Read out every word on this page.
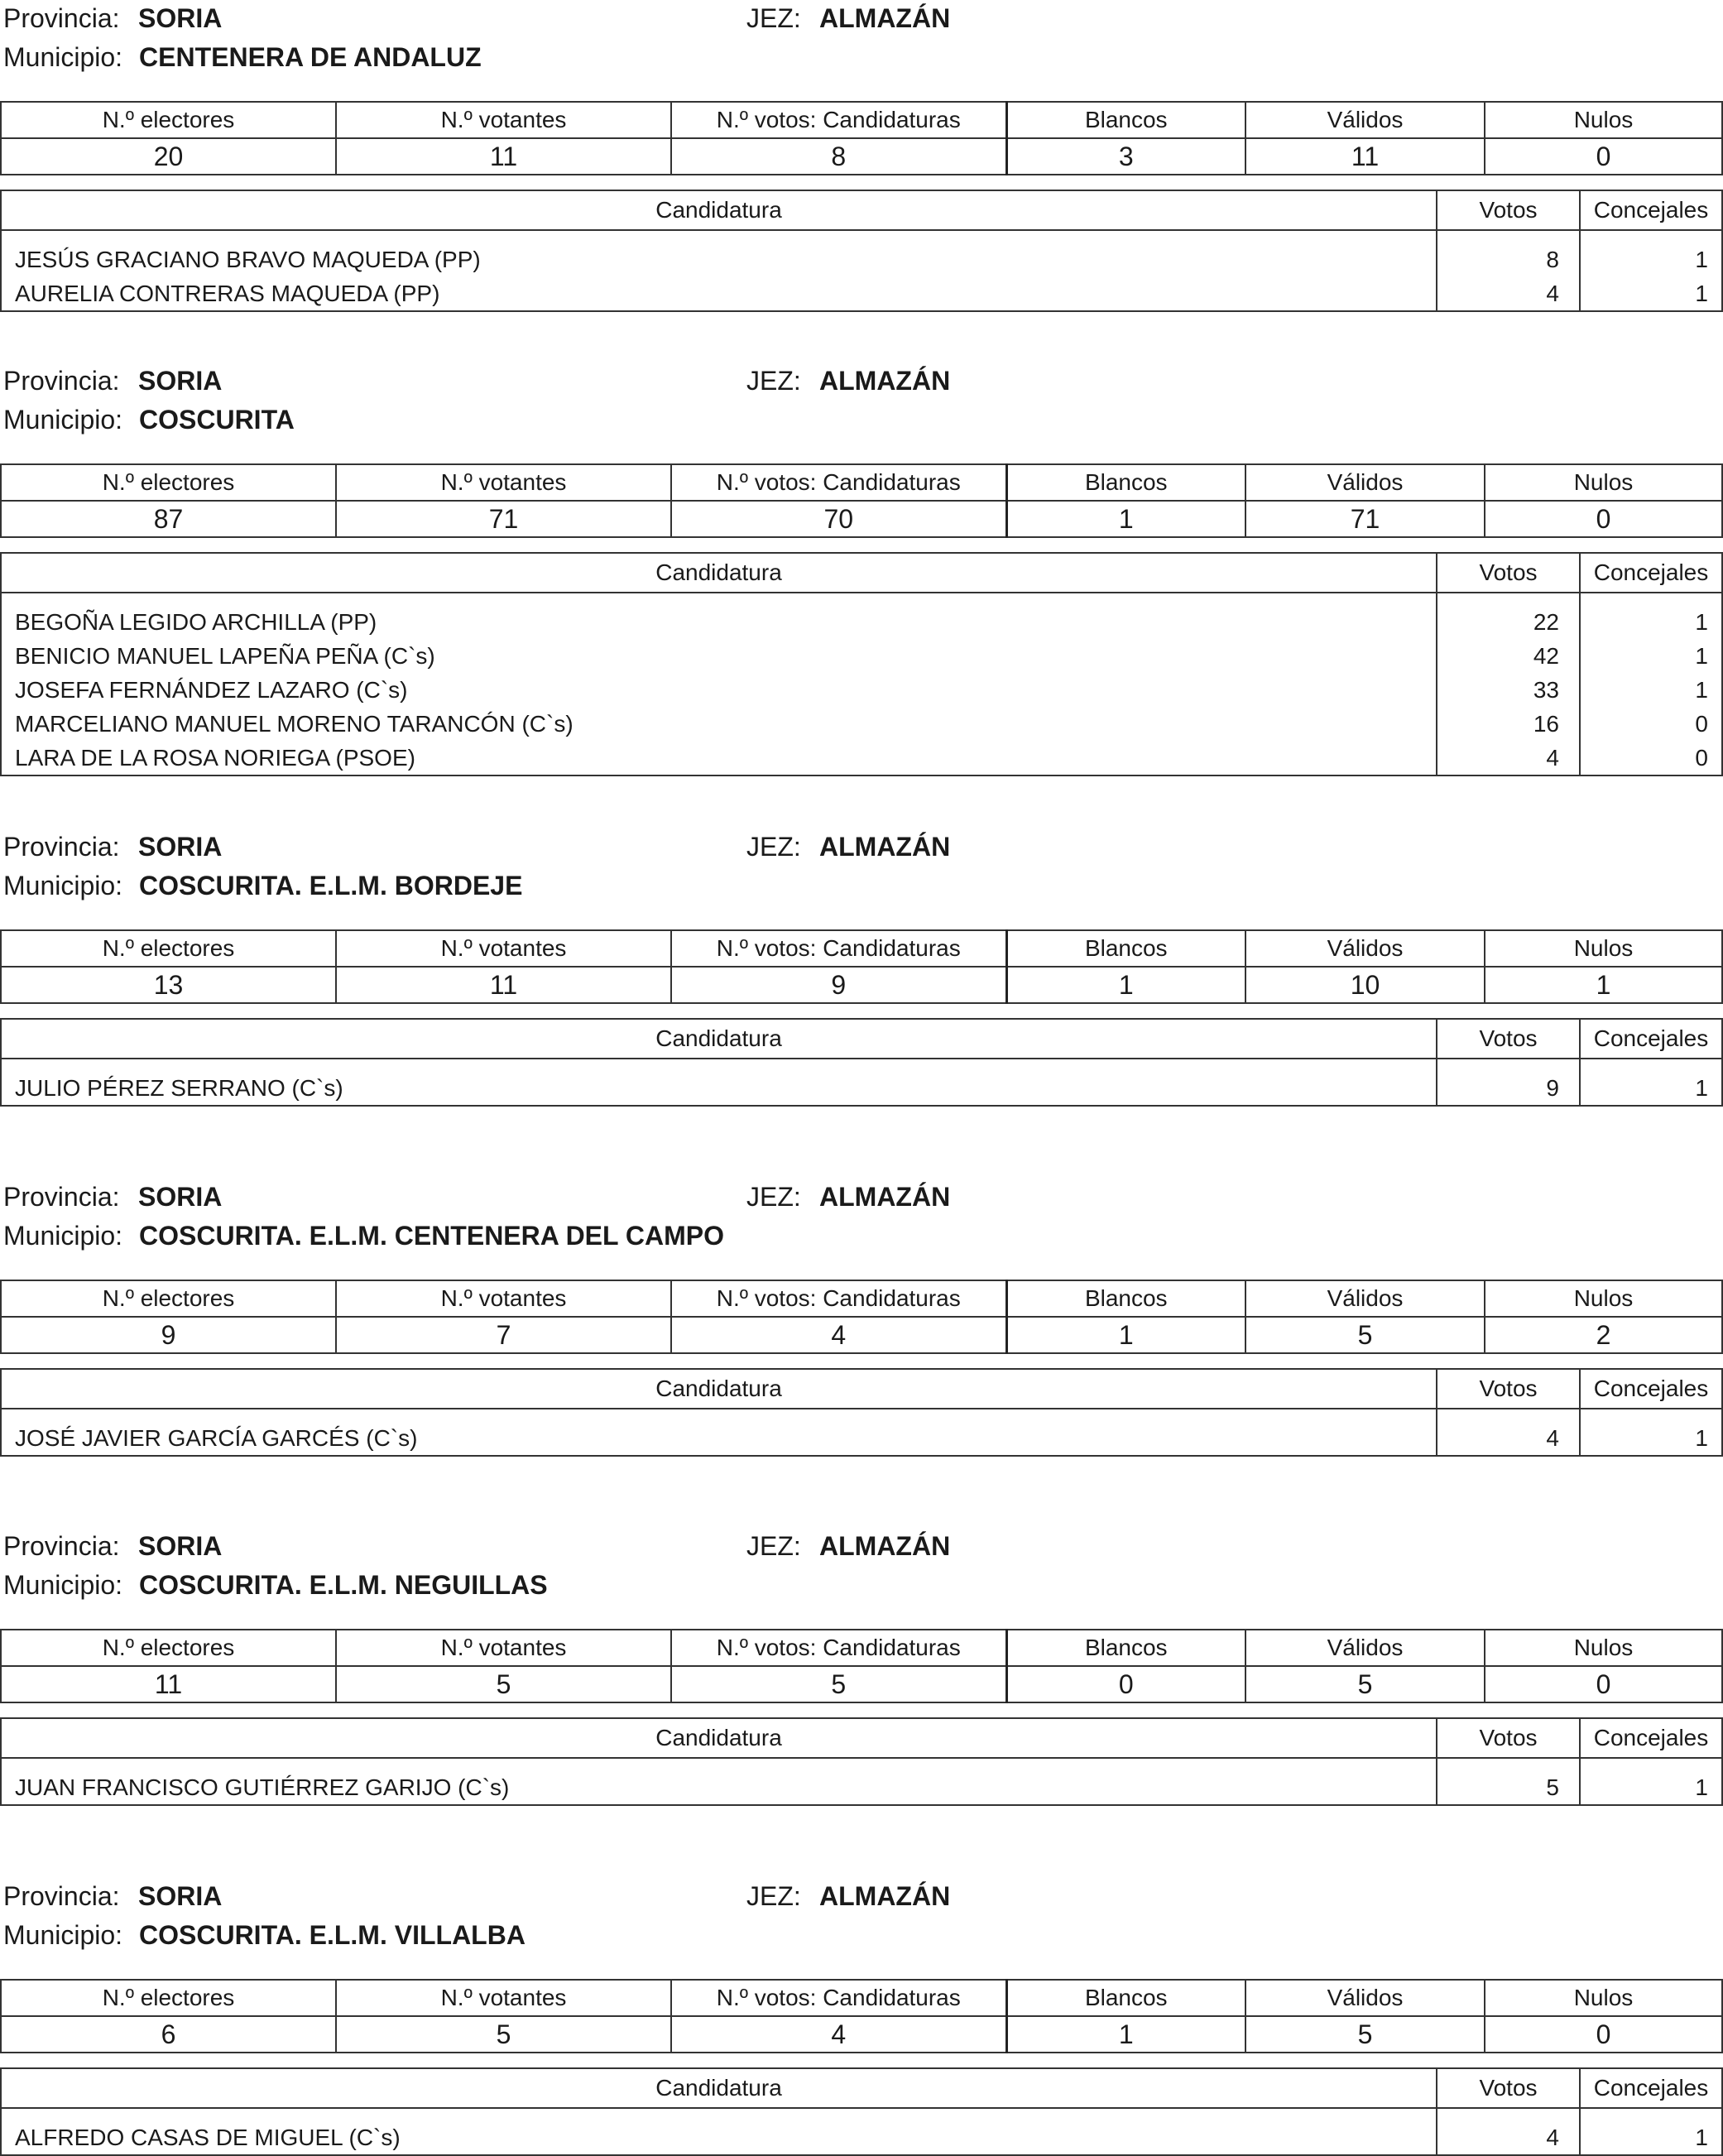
Provincia: SORIA	JEZ: ALMAZÁN
Municipio: CENTENERA DE ANDALUZ
N.º electores	N.º votantes	N.º votos: Candidaturas	Blancos	Válidos	Nulos
20	11	8	3	11	0
Candidatura	Votos	Concejales
JESÚS GRACIANO BRAVO MAQUEDA (PP)	8	1
AURELIA CONTRERAS MAQUEDA (PP)	4	1
Provincia: SORIA	JEZ: ALMAZÁN
Municipio: COSCURITA
N.º electores	N.º votantes	N.º votos: Candidaturas	Blancos	Válidos	Nulos
87	71	70	1	71	0
Candidatura	Votos	Concejales
BEGOÑA LEGIDO ARCHILLA (PP)	22	1
BENICIO MANUEL LAPEÑA PEÑA (C`s)	42	1
JOSEFA FERNÁNDEZ LAZARO (C`s)	33	1
MARCELIANO MANUEL MORENO TARANCÓN (C`s)	16	0
LARA DE LA ROSA NORIEGA (PSOE)	4	0
Provincia: SORIA	JEZ: ALMAZÁN
Municipio: COSCURITA. E.L.M. BORDEJE
N.º electores	N.º votantes	N.º votos: Candidaturas	Blancos	Válidos	Nulos
13	11	9	1	10	1
Candidatura	Votos	Concejales
JULIO PÉREZ SERRANO (C`s)	9	1
Provincia: SORIA	JEZ: ALMAZÁN
Municipio: COSCURITA. E.L.M. CENTENERA DEL CAMPO
N.º electores	N.º votantes	N.º votos: Candidaturas	Blancos	Válidos	Nulos
9	7	4	1	5	2
Candidatura	Votos	Concejales
JOSÉ JAVIER GARCÍA GARCÉS (C`s)	4	1
Provincia: SORIA	JEZ: ALMAZÁN
Municipio: COSCURITA. E.L.M. NEGUILLAS
N.º electores	N.º votantes	N.º votos: Candidaturas	Blancos	Válidos	Nulos
11	5	5	0	5	0
Candidatura	Votos	Concejales
JUAN FRANCISCO GUTIÉRREZ GARIJO (C`s)	5	1
Provincia: SORIA	JEZ: ALMAZÁN
Municipio: COSCURITA. E.L.M. VILLALBA
N.º electores	N.º votantes	N.º votos: Candidaturas	Blancos	Válidos	Nulos
6	5	4	1	5	0
Candidatura	Votos	Concejales
ALFREDO CASAS DE MIGUEL (C`s)	4	1
